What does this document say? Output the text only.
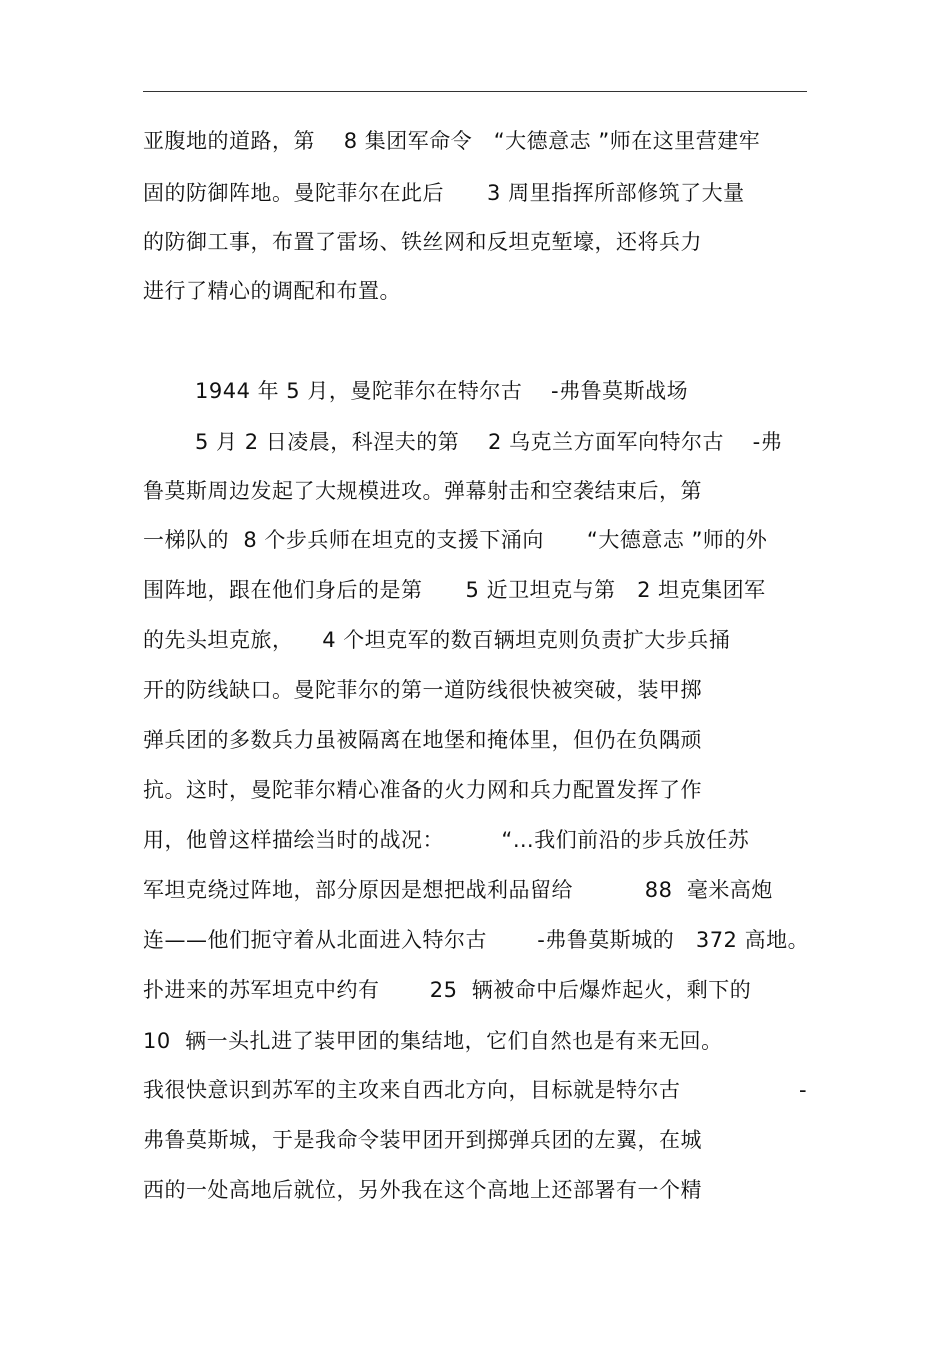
亚腹地的道路，第    8 集团军命令   “大德意志 ”师在这里营建牢
固的防御阵地。曼陀菲尔在此后      3 周里指挥所部修筑了大量
的防御工事，布置了雷场、铁丝网和反坦克堑壕，还将兵力
进行了精心的调配和布置。
1944 年 5 月，曼陀菲尔在特尔古    -弗鲁莫斯战场
5 月 2 日凌晨，科涅夫的第    2 乌克兰方面军向特尔古    -弗
鲁莫斯周边发起了大规模进攻。弹幕射击和空袭结束后，第
一梯队的  8 个步兵师在坦克的支援下涌向      “大德意志 ”师的外
围阵地，跟在他们身后的是第      5 近卫坦克与第   2 坦克集团军
的先头坦克旅，    4 个坦克军的数百辆坦克则负责扩大步兵捅
开的防线缺口。曼陀菲尔的第一道防线很快被突破，装甲掷
弹兵团的多数兵力虽被隔离在地堡和掩体里，但仍在负隅顽
抗。这时，曼陀菲尔精心准备的火力网和兵力配置发挥了作
用，他曾这样描绘当时的战况：        “…我们前沿的步兵放任苏
军坦克绕过阵地，部分原因是想把战利品留给          88  毫米高炮
连——他们扼守着从北面进入特尔古       -弗鲁莫斯城的   372 高地。
扑进来的苏军坦克中约有       25  辆被命中后爆炸起火，剩下的
10  辆一头扎进了装甲团的集结地，它们自然也是有来无回。
我很快意识到苏军的主攻来自西北方向，目标就是特尔古	-
弗鲁莫斯城，于是我命令装甲团开到掷弹兵团的左翼，在城
西的一处高地后就位，另外我在这个高地上还部署有一个精
